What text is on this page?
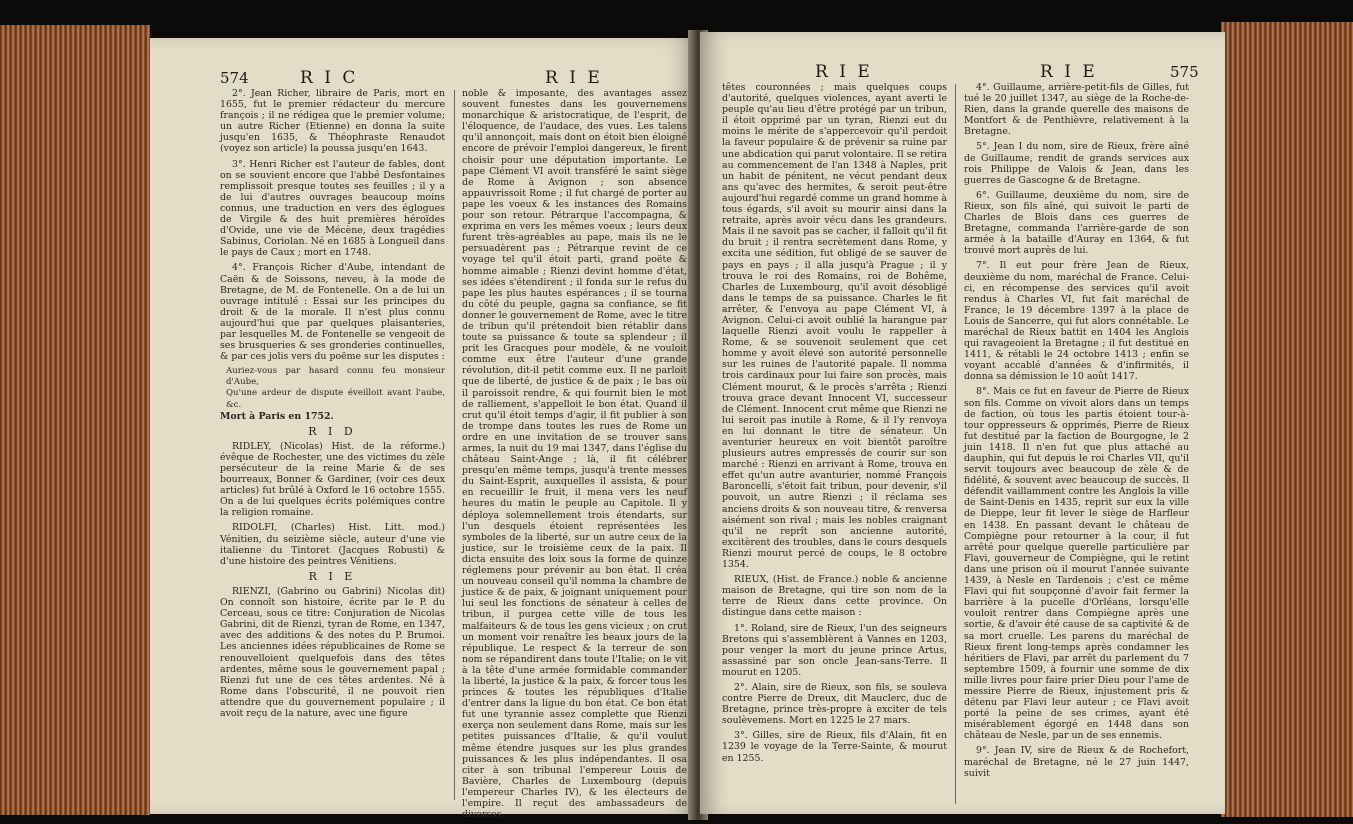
574	R I C	R I E

2°. Jean Richer, libraire de Paris, mort en 1655, fut le premier rédacteur du mercure françois ; il ne rédigea que le premier volume; un autre Richer (Etienne) en donna la suite jusqu'en 1635, & Théophraste Renaudot (voyez son article) la poussa jusqu'en 1643.

3°. Henri Richer est l'auteur de fables, dont on se souvient encore que l'abbé Desfontaines remplissoit presque toutes ses feuilles ; il y a de lui d'autres ouvrages beaucoup moins connus, une traduction en vers des églogues de Virgile & des huit premières héroïdes d'Ovide, une vie de Mécène, deux tragédies Sabinus, Coriolan. Né en 1685 à Longueil dans le pays de Caux ; mort en 1748.

4°. François Richer d'Aube, intendant de Caën & de Soissons, neveu, à la mode de Bretagne, de M. de Fontenelle. On a de lui un ouvrage intitulé : Essai sur les principes du droit & de la morale. Il n'est plus connu aujourd'hui que par quelques plaisanteries, par lesquelles M. de Fontenelle se vengeoit de ses brusqueries & ses gronderies continuelles, & par ces jolis vers du poëme sur les disputes :

Auriez-vous par hasard connu feu monsieur d'Aube,

Qu'une ardeur de dispute éveilloit avant l'aube, &c.

Mort à Paris en 1752.

R I D

RIDLEY, (Nicolas) Hist. de la réforme.) évêque de Rochester, une des victimes du zèle persécuteur de la reine Marie & de ses bourreaux, Bonner & Gardiner, (voir ces deux articles) fut brûlé à Oxford le 16 octobre 1555. On a de lui quelques écrits polémiques contre la religion romaine.

RIDOLFI, (Charles) Hist. Litt. mod.) Vénitien, du seizième siècle, auteur d'une vie italienne du Tintoret (Jacques Robusti) & d'une histoire des peintres Vénitiens.

R I E

RIENZI, (Gabrino ou Gabrini) Nicolas dit) On connoît son histoire, écrite par le P. du Cerceau, sous ce titre: Conjuration de Nicolas Gabrini, dit de Rienzi, tyran de Rome, en 1347, avec des additions & des notes du P. Brumoi. Les anciennes idées républicaines de Rome se renouvelloient quelquefois dans des têtes ardentes, même sous le gouvernement papal ; Rienzi fut une de ces têtes ardentes. Né à Rome dans l'obscurité, il ne pouvoit rien attendre que du gouvernement populaire ; il avoit reçu de la nature, avec une figure

noble & imposante, des avantages assez souvent funestes dans les gouvernemens monarchique & aristocratique, de l'esprit, de l'éloquence, de l'audace, des vues. Les talens qu'il annonçoit, mais dont on étoit bien éloigné encore de prévoir l'emploi dangereux, le firent choisir pour une députation importante. Le pape Clément VI avoit transféré le saint siège de Rome à Avignon ; son absence appauvrissoit Rome ; il fut chargé de porter au pape les voeux & les instances des Romains pour son retour. Pétrarque l'accompagna, & exprima en vers les mêmes voeux ; leurs deux furent très-agréables au pape, mais ils ne le persuadèrent pas ; Pétrarque revint de ce voyage tel qu'il étoit parti, grand poëte & homme aimable ; Rienzi devint homme d'état, ses idées s'étendirent ; il fonda sur le refus du pape les plus hautes espérances ; il se tourna du côté du peuple, gagna sa confiance, se fit donner le gouvernement de Rome, avec le titre de tribun qu'il prétendoit bien rétablir dans toute sa puissance & toute sa splendeur ; il prit les Gracques pour modèle, & ne vouloit comme eux être l'auteur d'une grande révolution, dit-il petit comme eux. Il ne parloit que de liberté, de justice & de paix ; le bas où il paroissoit rendre, & qui fournit bien le mot de ralliement, s'appelloit le bon état. Quand il crut qu'il étoit temps d'agir, il fit publier à son de trompe dans toutes les rues de Rome un ordre en une invitation de se trouver sans armes, la nuit du 19 mai 1347, dans l'église du château Saint-Ange ; là, il fit célébrer presqu'en même temps, jusqu'à trente messes du Saint-Esprit, auxquelles il assista, & pour en recueillir le fruit, il mena vers les neuf heures du matin le peuple au Capitole. Il y déploya solemnellement trois étendarts, sur l'un desquels étoient représentées les symboles de la liberté, sur un autre ceux de la justice, sur le troisième ceux de la paix. Il dicta ensuite des loix sous la forme de quinze réglemens pour prévenir au bon état. Il créa un nouveau conseil qu'il nomma la chambre de justice & de paix, & joignant uniquement pour lui seul les fonctions de sénateur à celles de tribun, il purgea cette ville de tous les malfaiteurs & de tous les gens vicieux ; on crut un moment voir renaître les beaux jours de la république. Le respect & la terreur de son nom se répandirent dans toute l'Italie; on le vit à la tête d'une armée formidable commander la liberté, la justice & la paix, & forcer tous les princes & toutes les républiques d'Italie d'entrer dans la ligue du bon état. Ce bon état fut une tyrannie assez complette que Rienzi exerça non seulement dans Rome, mais sur les petites puissances d'Italie, & qu'il voulut même étendre jusques sur les plus grandes puissances & les plus indépendantes. Il osa citer à son tribunal l'empereur Louis de Bavière, Charles de Luxembourg (depuis l'empereur Charles IV), & les électeurs de l'empire. Il reçut des ambassadeurs de diverses

R I E	R I E	575

têtes couronnées ; mais quelques coups d'autorité, quelques violences, ayant averti le peuple qu'au lieu d'être protégé par un tribun, il étoit opprimé par un tyran, Rienzi eut du moins le mérite de s'appercevoir qu'il perdoit la faveur populaire & de prévenir sa ruine par une abdication qui parut volontaire. Il se retira au commencement de l'an 1348 à Naples, prit un habit de pénitent, ne vécut pendant deux ans qu'avec des hermites, & seroit peut-être aujourd'hui regardé comme un grand homme à tous égards, s'il avoit su mourir ainsi dans la retraite, après avoir vécu dans les grandeurs. Mais il ne savoit pas se cacher, il falloit qu'il fit du bruit ; il rentra secrètement dans Rome, y excita une sédition, fut obligé de se sauver de pays en pays ; il alla jusqu'à Prague ; il y trouva le roi des Romains, roi de Bohême, Charles de Luxembourg, qu'il avoit désobligé dans le temps de sa puissance. Charles le fit arrêter, & l'envoya au pape Clément VI, à Avignon. Celui-ci avoit oublié la harangue par laquelle Rienzi avoit voulu le rappeller à Rome, & se souvenoit seulement que cet homme y avoit élevé son autorité personnelle sur les ruines de l'autorité papale. Il nomma trois cardinaux pour lui faire son procès, mais Clément mourut, & le procès s'arrêta ; Rienzi trouva grace devant Innocent VI, successeur de Clément. Innocent crut même que Rienzi ne lui seroit pas inutile à Rome, & il l'y renvoya en lui donnant le titre de sénateur. Un aventurier heureux en voit bientôt paroître plusieurs autres empressés de courir sur son marché : Rienzi en arrivant à Rome, trouva en effet qu'un autre avanturier, nommé François Baroncelli, s'étoit fait tribun, pour devenir, s'il pouvoit, un autre Rienzi ; il réclama ses anciens droits & son nouveau titre, & renversa aisément son rival ; mais les nobles craignant qu'il ne reprît son ancienne autorité, excitèrent des troubles, dans le cours desquels Rienzi mourut percé de coups, le 8 octobre 1354.

RIEUX, (Hist. de France.) noble & ancienne maison de Bretagne, qui tire son nom de la terre de Rieux dans cette province. On distingue dans cette maison :

1°. Roland, sire de Rieux, l'un des seigneurs Bretons qui s'assemblèrent à Vannes en 1203, pour venger la mort du jeune prince Artus, assassiné par son oncle Jean-sans-Terre. Il mourut en 1205.

2°. Alain, sire de Rieux, son fils, se souleva contre Pierre de Dreux, dit Mauclerc, duc de Bretagne, prince très-propre à exciter de tels soulèvemens. Mort en 1225 le 27 mars.

3°. Gilles, sire de Rieux, fils d'Alain, fit en 1239 le voyage de la Terre-Sainte, & mourut en 1255.

4°. Guillaume, arrière-petit-fils de Gilles, fut tué le 20 juillet 1347, au siège de la Roche-de-Rien, dans la grande querelle des maisons de Montfort & de Penthièvre, relativement à la Bretagne.

5°. Jean I du nom, sire de Rieux, frère aîné de Guillaume, rendit de grands services aux rois Philippe de Valois & Jean, dans les guerres de Gascogne & de Bretagne.

6°. Guillaume, deuxième du nom, sire de Rieux, son fils aîné, qui suivoit le parti de Charles de Blois dans ces guerres de Bretagne, commanda l'arrière-garde de son armée à la bataille d'Auray en 1364, & fut trouvé mort auprès de lui.

7°. Il eut pour frère Jean de Rieux, deuxième du nom, maréchal de France. Celui-ci, en récompense des services qu'il avoit rendus à Charles VI, fut fait maréchal de France, le 19 décembre 1397 à la place de Louis de Sancerre, qui fut alors connétable. Le maréchal de Rieux battit en 1404 les Anglois qui ravageoient la Bretagne ; il fut destitué en 1411, & rétabli le 24 octobre 1413 ; enfin se voyant accablé d'années & d'infirmités, il donna sa démission le 10 août 1417.

8°. Mais ce fut en faveur de Pierre de Rieux son fils. Comme on vivoit alors dans un temps de faction, où tous les partis étoient tour-à-tour oppresseurs & opprimés, Pierre de Rieux fut destitué par la faction de Bourgogne, le 2 juin 1418. Il n'en fut que plus attaché au dauphin, qui fut depuis le roi Charles VII, qu'il servit toujours avec beaucoup de zèle & de fidélité, & souvent avec beaucoup de succès. Il défendit vaillamment contre les Anglois la ville de Saint-Denis en 1435, reprit sur eux la ville de Dieppe, leur fit lever le siège de Harfleur en 1438. En passant devant le château de Compiègne pour retourner à la cour, il fut arrêté pour quelque querelle particulière par Flavi, gouverneur de Compiègne, qui le retint dans une prison où il mourut l'année suivante 1439, à Nesle en Tardenois ; c'est ce même Flavi qui fut soupçonné d'avoir fait fermer la barrière à la pucelle d'Orléans, lorsqu'elle vouloit rentrer dans Compiègne après une sortie, & d'avoir été cause de sa captivité & de sa mort cruelle. Les parens du maréchal de Rieux firent long-temps après condamner les héritiers de Flavi, par arrêt du parlement du 7 septembre 1509, à fournir une somme de dix mille livres pour faire prier Dieu pour l'ame de messire Pierre de Rieux, injustement pris & détenu par Flavi leur auteur ; ce Flavi avoit porté la peine de ses crimes, ayant été misérablement égorgé en 1448 dans son château de Nesle, par un de ses ennemis.

9°. Jean IV, sire de Rieux & de Rochefort, maréchal de Bretagne, né le 27 juin 1447, suivit
